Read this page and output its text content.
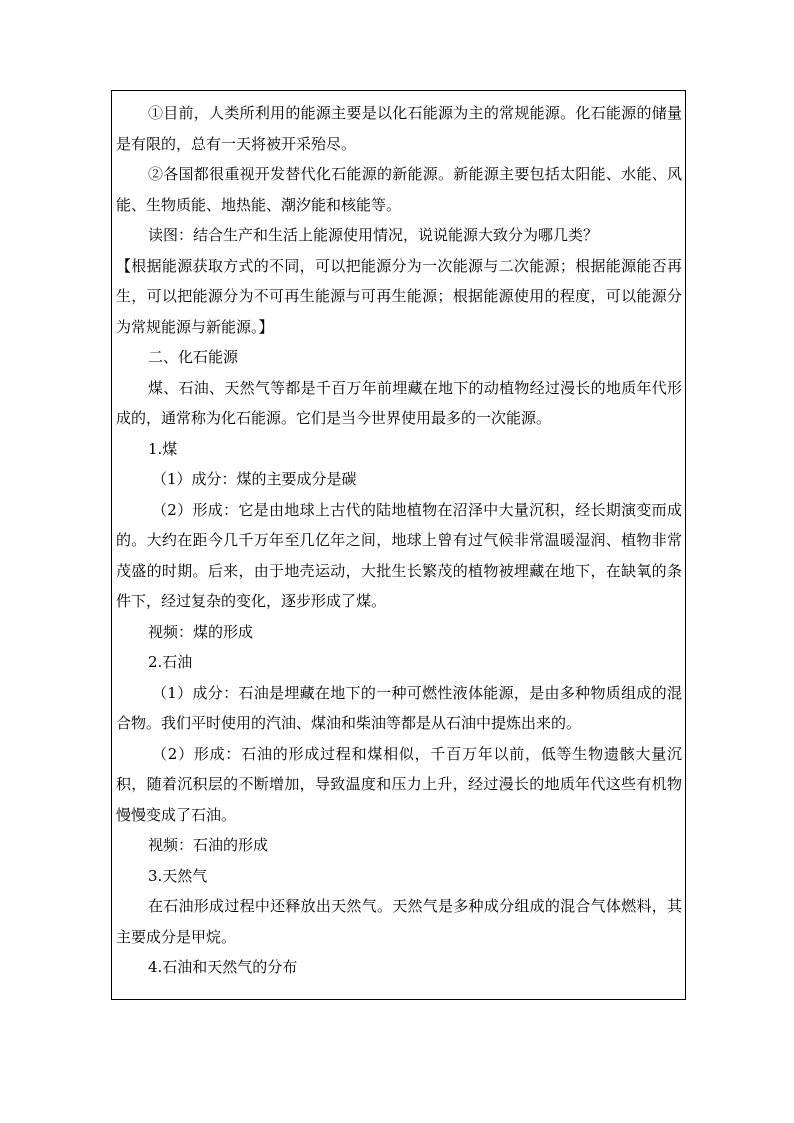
①目前，人类所利用的能源主要是以化石能源为主的常规能源。化石能源的储量是有限的，总有一天将被开采殆尽。

②各国都很重视开发替代化石能源的新能源。新能源主要包括太阳能、水能、风能、生物质能、地热能、潮汐能和核能等。

读图：结合生产和生活上能源使用情况，说说能源大致分为哪几类？

【根据能源获取方式的不同，可以把能源分为一次能源与二次能源；根据能源能否再生，可以把能源分为不可再生能源与可再生能源；根据能源使用的程度，可以能源分为常规能源与新能源。】

二、化石能源

煤、石油、天然气等都是千百万年前埋藏在地下的动植物经过漫长的地质年代形成的，通常称为化石能源。它们是当今世界使用最多的一次能源。

1.煤

（1）成分：煤的主要成分是碳

（2）形成：它是由地球上古代的陆地植物在沼泽中大量沉积，经长期演变而成的。大约在距今几千万年至几亿年之间，地球上曾有过气候非常温暖湿润、植物非常茂盛的时期。后来，由于地壳运动，大批生长繁茂的植物被埋藏在地下，在缺氧的条件下，经过复杂的变化，逐步形成了煤。

视频：煤的形成

2.石油

（1）成分：石油是埋藏在地下的一种可燃性液体能源，是由多种物质组成的混合物。我们平时使用的汽油、煤油和柴油等都是从石油中提炼出来的。

（2）形成：石油的形成过程和煤相似，千百万年以前，低等生物遗骸大量沉积，随着沉积层的不断增加，导致温度和压力上升，经过漫长的地质年代这些有机物慢慢变成了石油。

视频：石油的形成

3.天然气

在石油形成过程中还释放出天然气。天然气是多种成分组成的混合气体燃料，其主要成分是甲烷。

4.石油和天然气的分布
